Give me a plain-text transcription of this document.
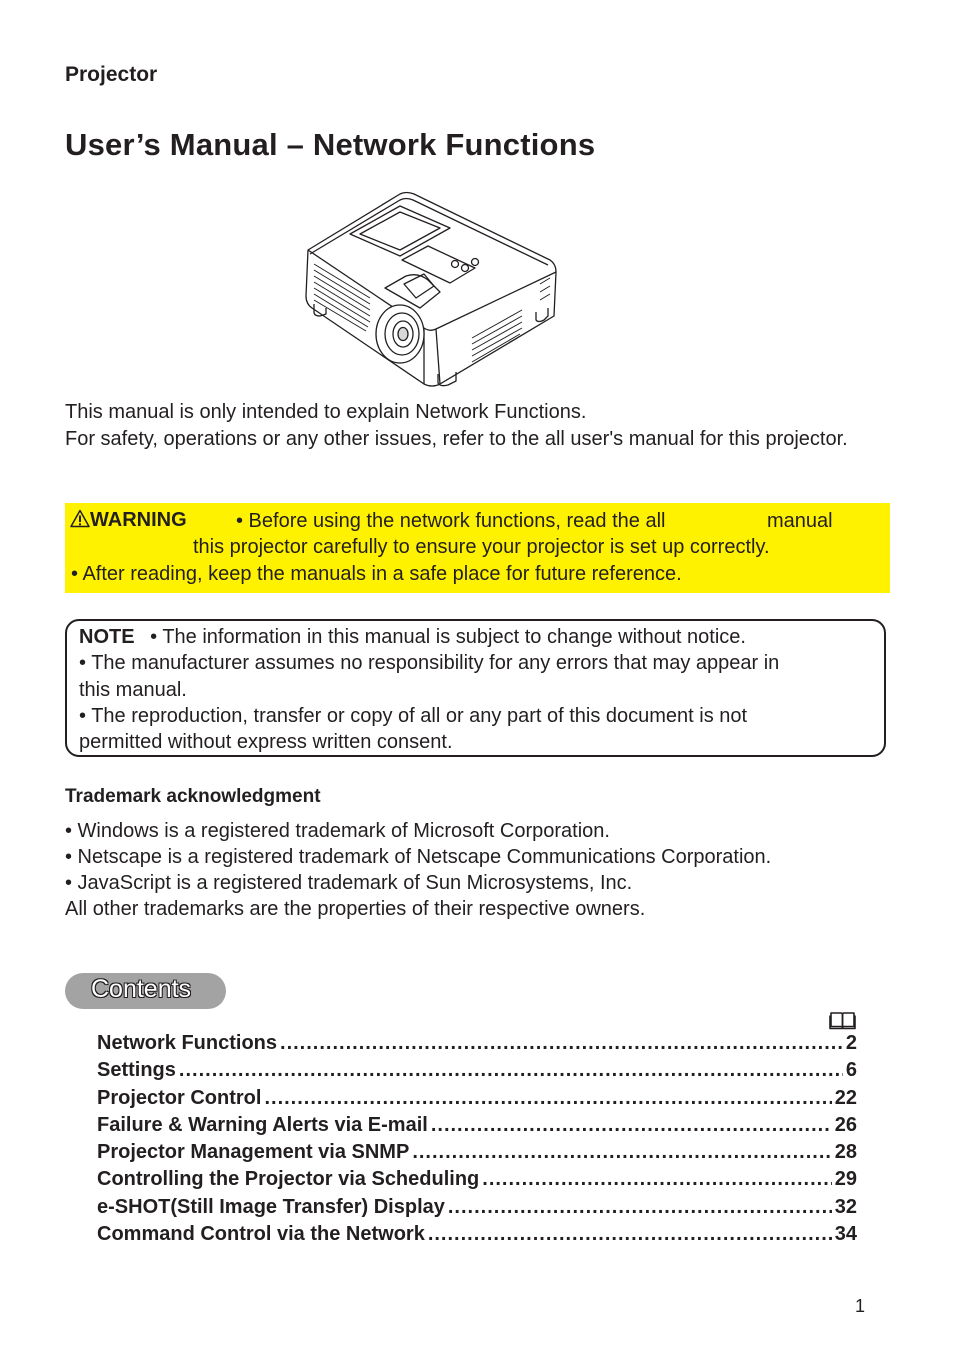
Projector
User’s Manual – Network Functions

This manual is only intended to explain Network Functions.

For safety, operations or any other issues, refer to the all user's manual for this projector.

WARNING • Before using the network functions, read the all	manual
this projector carefully to ensure your projector is set up correctly.
• After reading, keep the manuals in a safe place for future reference.
NOTE • The information in this manual is subject to change without notice.
• The manufacturer assumes no responsibility for any errors that may appear in
this manual.
• The reproduction, transfer or copy of all or any part of this document is not
permitted without express written consent.
Trademark acknowledgment
• Windows is a registered trademark of Microsoft Corporation.
• Netscape is a registered trademark of Netscape Communications Corporation.
• JavaScript is a registered trademark of Sun Microsystems, Inc.
All other trademarks are the properties of their respective owners.
Contents
Network Functions .....	2
Settings .....	6
Projector Control .....	22
Failure & Warning Alerts via E-mail .....	26
Projector Management via SNMP .....	28
Controlling the Projector via Scheduling .....	29
e-SHOT(Still Image Transfer) Display .....	32
Command Control via the Network .....	34
1
